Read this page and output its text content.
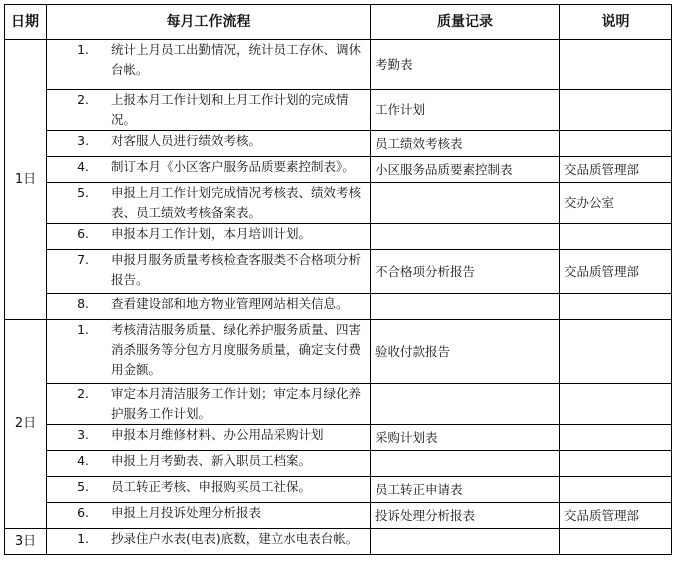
日期	每月工作流程	质量记录	说明
1日	1. 统计上月员工出勤情况，统计员工存休、调休台帐。	考勤表	

	2. 上报本月工作计划和上月工作计划的完成情况。	工作计划	

	3. 对客服人员进行绩效考核。	员工绩效考核表	

	4. 制订本月《小区客户服务品质要素控制表》。	小区服务品质要素控制表	交品质管理部

	5. 申报上月工作计划完成情况考核表、绩效考核表、员工绩效考核备案表。		交办公室

	6. 申报本月工作计划，本月培训计划。		

	7. 申报月服务质量考核检查客服类不合格项分析报告。	不合格项分析报告	交品质管理部

	8. 查看建设部和地方物业管理网站相关信息。		

2日	1. 考核清洁服务质量、绿化养护服务质量、四害消杀服务等分包方月度服务质量，确定支付费用金额。	验收付款报告	

	2. 审定本月清洁服务工作计划；审定本月绿化养护服务工作计划。		

	3. 申报本月维修材料、办公用品采购计划	采购计划表	

	4. 申报上月考勤表、新入职员工档案。		

	5. 员工转正考核、申报购买员工社保。	员工转正申请表	

	6. 申报上月投诉处理分析报表	投诉处理分析报表	交品质管理部
3日	1. 抄录住户水表(电表)底数，建立水电表台帐。		
